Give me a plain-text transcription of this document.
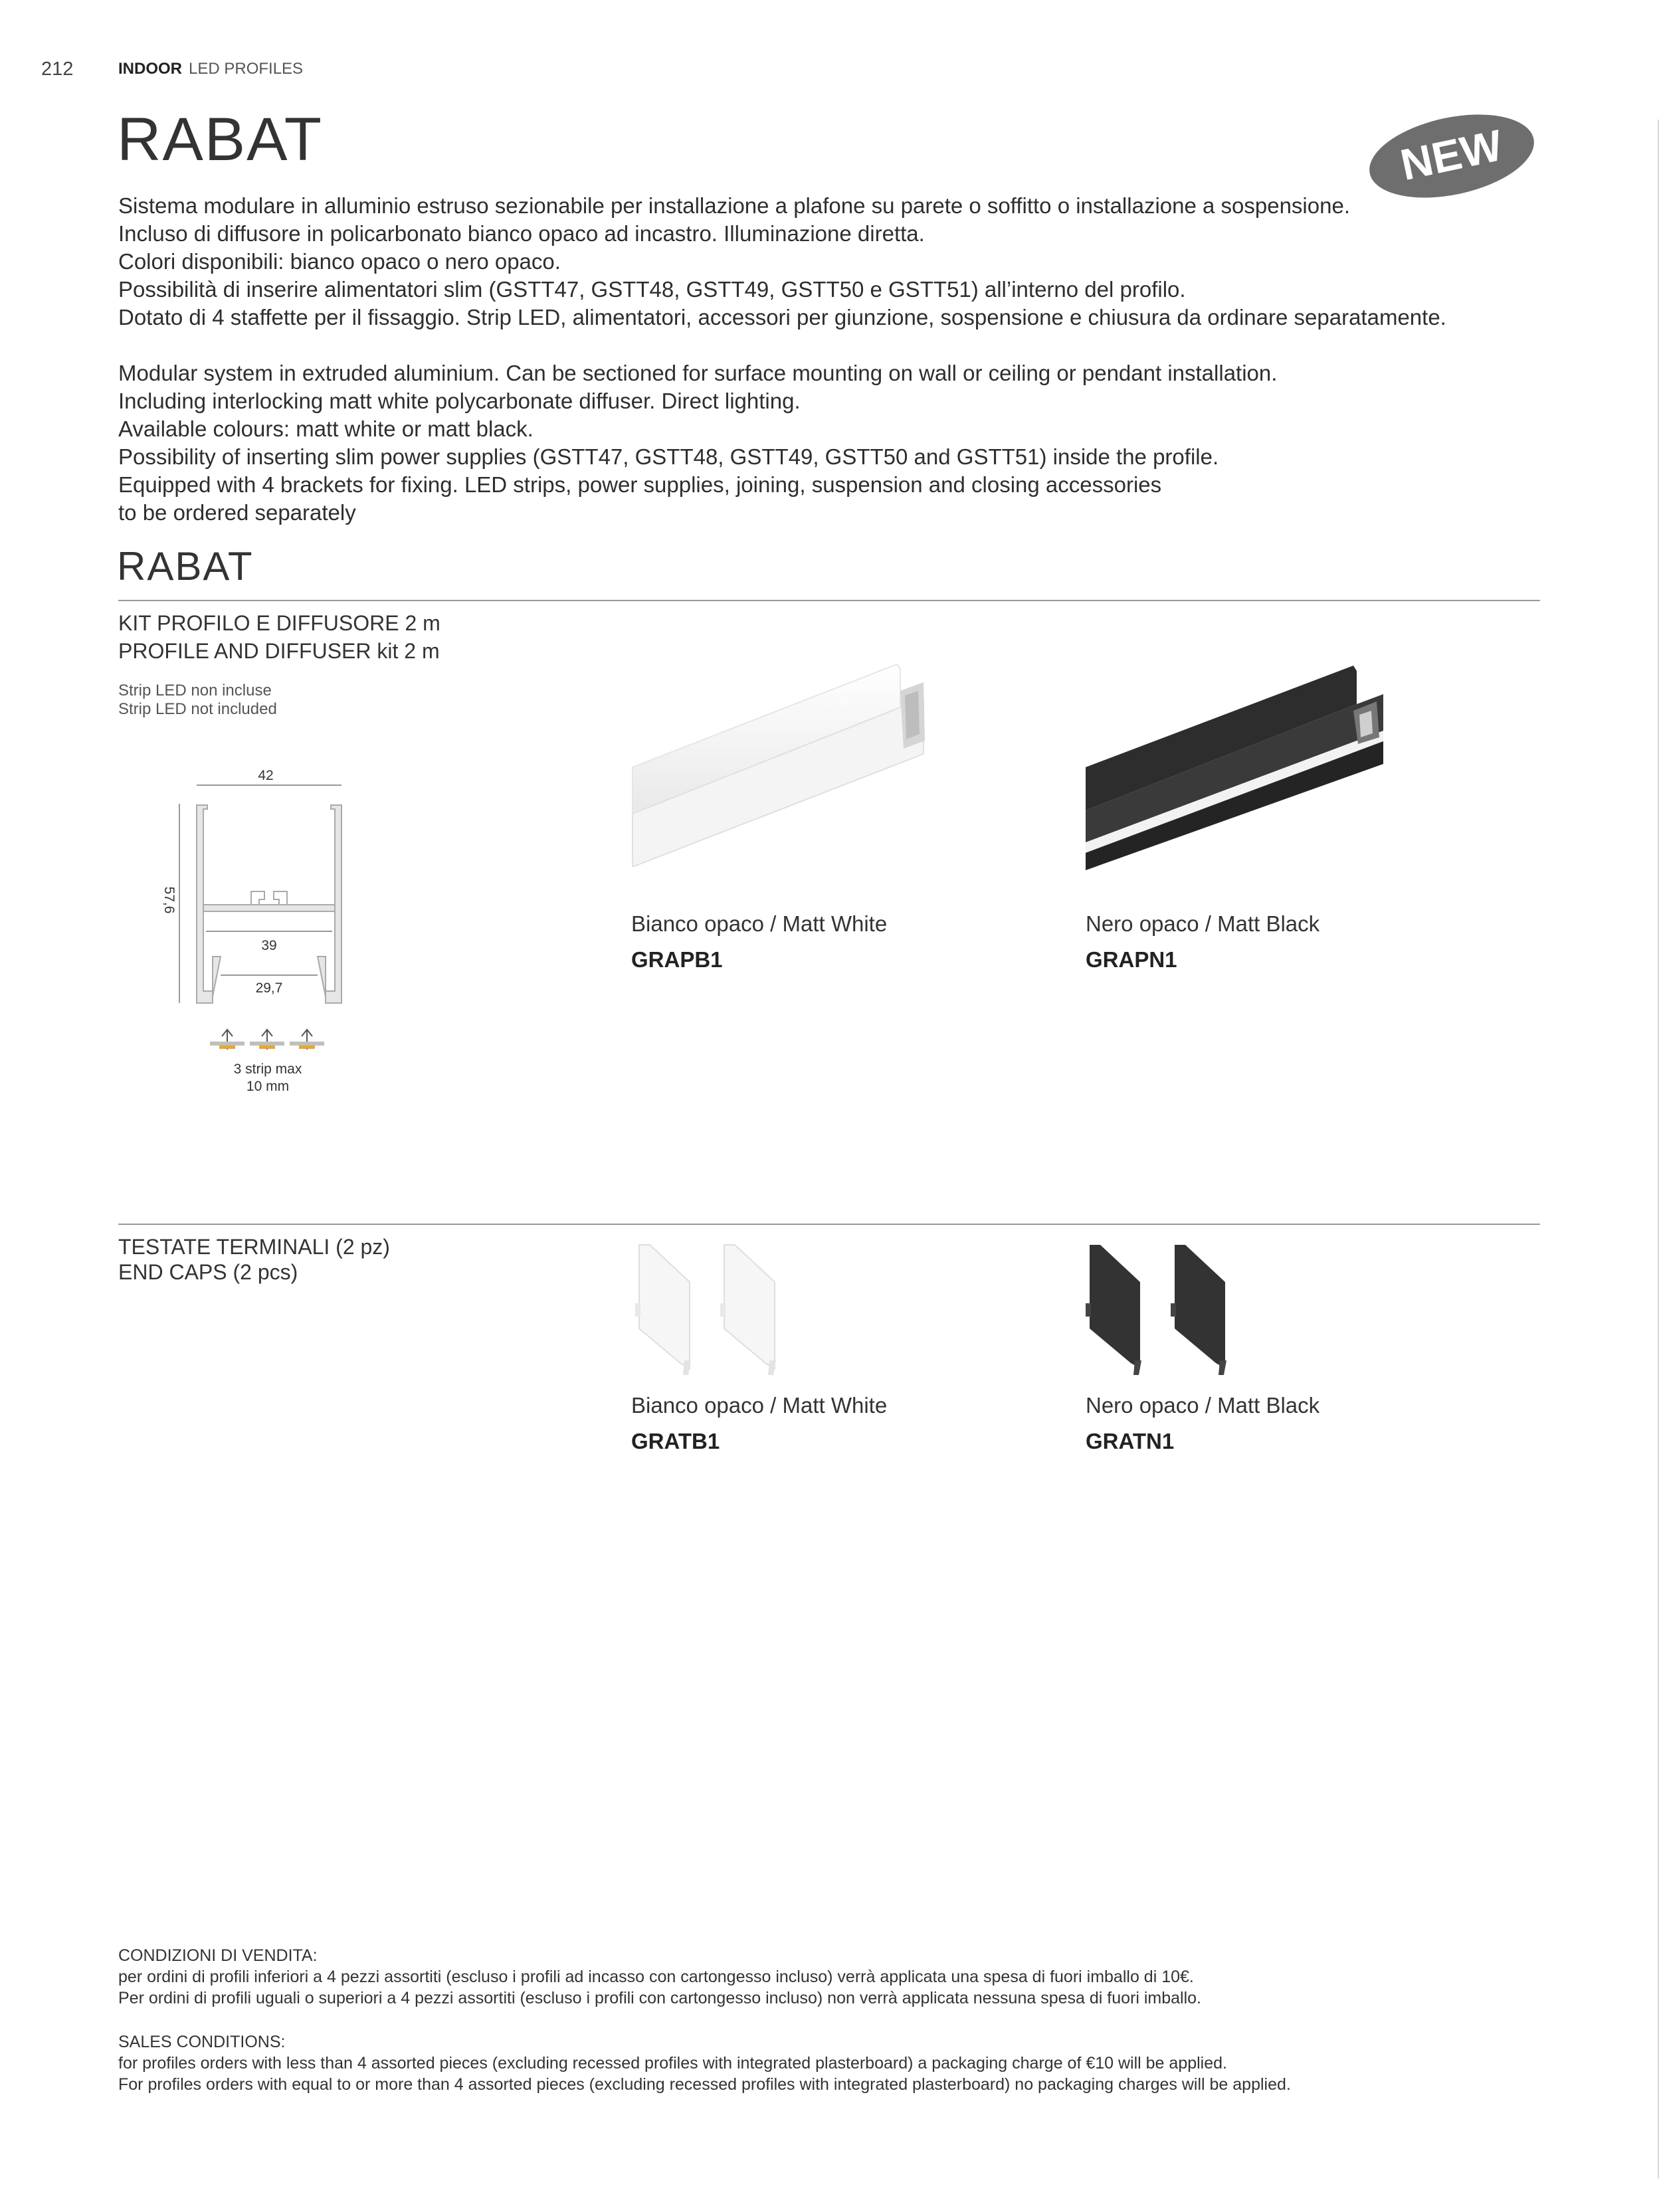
212	INDOOR LED PROFILES
NEW
RABAT
Sistema modulare in alluminio estruso sezionabile per installazione a plafone su parete o soffitto o installazione a sospensione.
Incluso di diffusore in policarbonato bianco opaco ad incastro. Illuminazione diretta.
Colori disponibili: bianco opaco o nero opaco.
Possibilità di inserire alimentatori slim (GSTT47, GSTT48, GSTT49, GSTT50 e GSTT51) all’interno del profilo.
Dotato di 4 staffette per il fissaggio. Strip LED, alimentatori, accessori per giunzione, sospensione e chiusura da ordinare separatamente.
Modular system in extruded aluminium. Can be sectioned for surface mounting on wall or ceiling or pendant installation.
Including interlocking matt white polycarbonate diffuser. Direct lighting.
Available colours: matt white or matt black.
Possibility of inserting slim power supplies (GSTT47, GSTT48, GSTT49, GSTT50 and GSTT51) inside the profile.
Equipped with 4 brackets for fixing. LED strips, power supplies, joining, suspension and closing accessories
to be ordered separately
RABAT
KIT PROFILO E DIFFUSORE 2 m
PROFILE AND DIFFUSER kit 2 m
Strip LED non incluse
Strip LED not included
42
57,6
39
29,7
3 strip max
10 mm
Bianco opaco / Matt White
GRAPB1
Nero opaco / Matt Black
GRAPN1
TESTATE TERMINALI (2 pz)
END CAPS (2 pcs)
Bianco opaco / Matt White
GRATB1
Nero opaco / Matt Black
GRATN1
CONDIZIONI DI VENDITA:
per ordini di profili inferiori a 4 pezzi assortiti (escluso i profili ad incasso con cartongesso incluso) verrà applicata una spesa di fuori imballo di 10€.
Per ordini di profili uguali o superiori a 4 pezzi assortiti (escluso i profili con cartongesso incluso) non verrà applicata nessuna spesa di fuori imballo.
SALES CONDITIONS:
for profiles orders with less than 4 assorted pieces (excluding recessed profiles with integrated plasterboard) a packaging charge of €10 will be applied.
For profiles orders with equal to or more than 4 assorted pieces (excluding recessed profiles with integrated plasterboard) no packaging charges will be applied.
